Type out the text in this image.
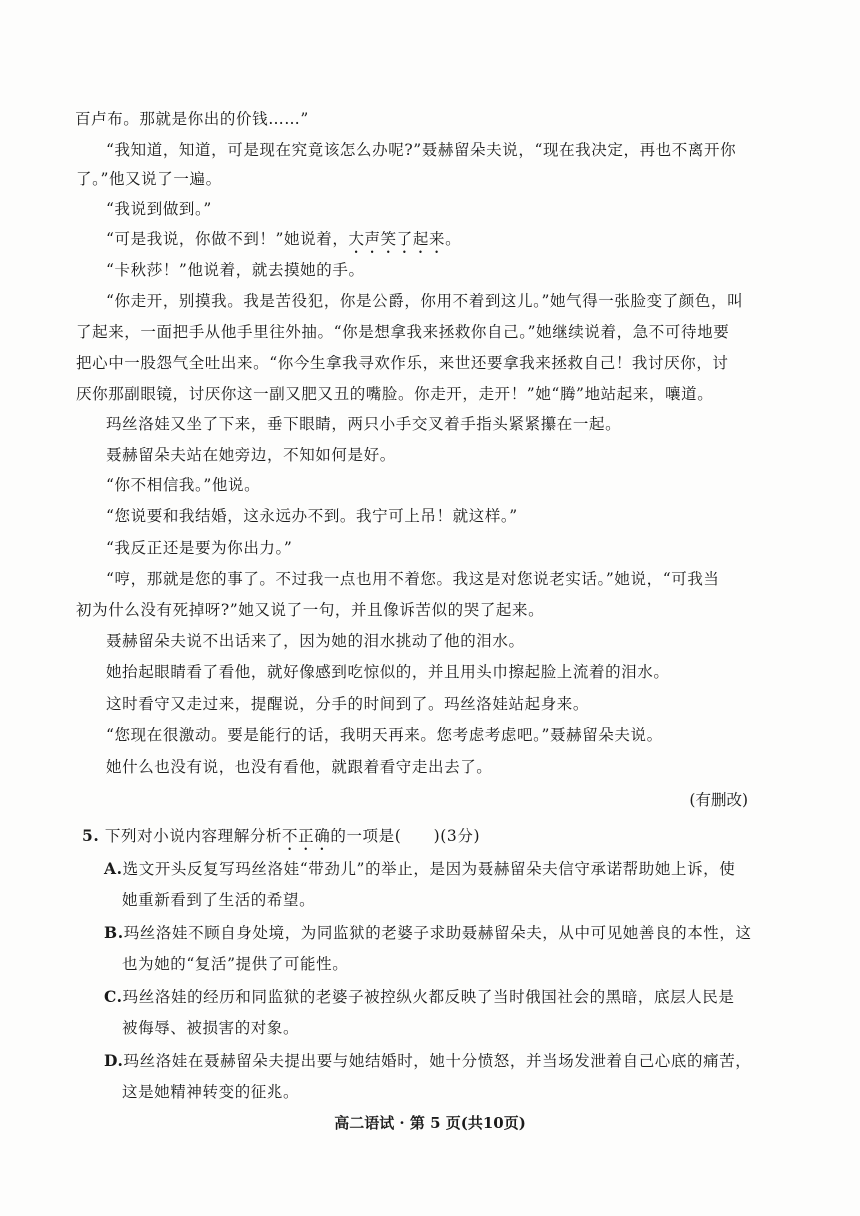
百卢布。那就是你出的价钱……”
“我知道，知道，可是现在究竟该怎么办呢?”聂赫留朵夫说，“现在我决定，再也不离开你
了。”他又说了一遍。
“我说到做到。”
“可是我说，你做不到！”她说着，大声笑了起来。
“卡秋莎！”他说着，就去摸她的手。
“你走开，别摸我。我是苦役犯，你是公爵，你用不着到这儿。”她气得一张脸变了颜色，叫
了起来，一面把手从他手里往外抽。“你是想拿我来拯救你自己。”她继续说着，急不可待地要
把心中一股怨气全吐出来。“你今生拿我寻欢作乐，来世还要拿我来拯救自己！我讨厌你，讨
厌你那副眼镜，讨厌你这一副又肥又丑的嘴脸。你走开，走开！”她“腾”地站起来，嚷道。
玛丝洛娃又坐了下来，垂下眼睛，两只小手交叉着手指头紧紧攥在一起。
聂赫留朵夫站在她旁边，不知如何是好。
“你不相信我。”他说。
“您说要和我结婚，这永远办不到。我宁可上吊！就这样。”
“我反正还是要为你出力。”
“哼，那就是您的事了。不过我一点也用不着您。我这是对您说老实话。”她说，“可我当
初为什么没有死掉呀?”她又说了一句，并且像诉苦似的哭了起来。
聂赫留朵夫说不出话来了，因为她的泪水挑动了他的泪水。
她抬起眼睛看了看他，就好像感到吃惊似的，并且用头巾擦起脸上流着的泪水。
这时看守又走过来，提醒说，分手的时间到了。玛丝洛娃站起身来。
“您现在很激动。要是能行的话，我明天再来。您考虑考虑吧。”聂赫留朵夫说。
她什么也没有说，也没有看他，就跟着看守走出去了。
(有删改)
5. 下列对小说内容理解分析不正确的一项是(　　)(3分)
A.选文开头反复写玛丝洛娃“带劲儿”的举止，是因为聂赫留朵夫信守承诺帮助她上诉，使
她重新看到了生活的希望。
B.玛丝洛娃不顾自身处境，为同监狱的老婆子求助聂赫留朵夫，从中可见她善良的本性，这
也为她的“复活”提供了可能性。
C.玛丝洛娃的经历和同监狱的老婆子被控纵火都反映了当时俄国社会的黑暗，底层人民是
被侮辱、被损害的对象。
D.玛丝洛娃在聂赫留朵夫提出要与她结婚时，她十分愤怒，并当场发泄着自己心底的痛苦，
这是她精神转变的征兆。
高二语试 · 第 5 页(共10页)
